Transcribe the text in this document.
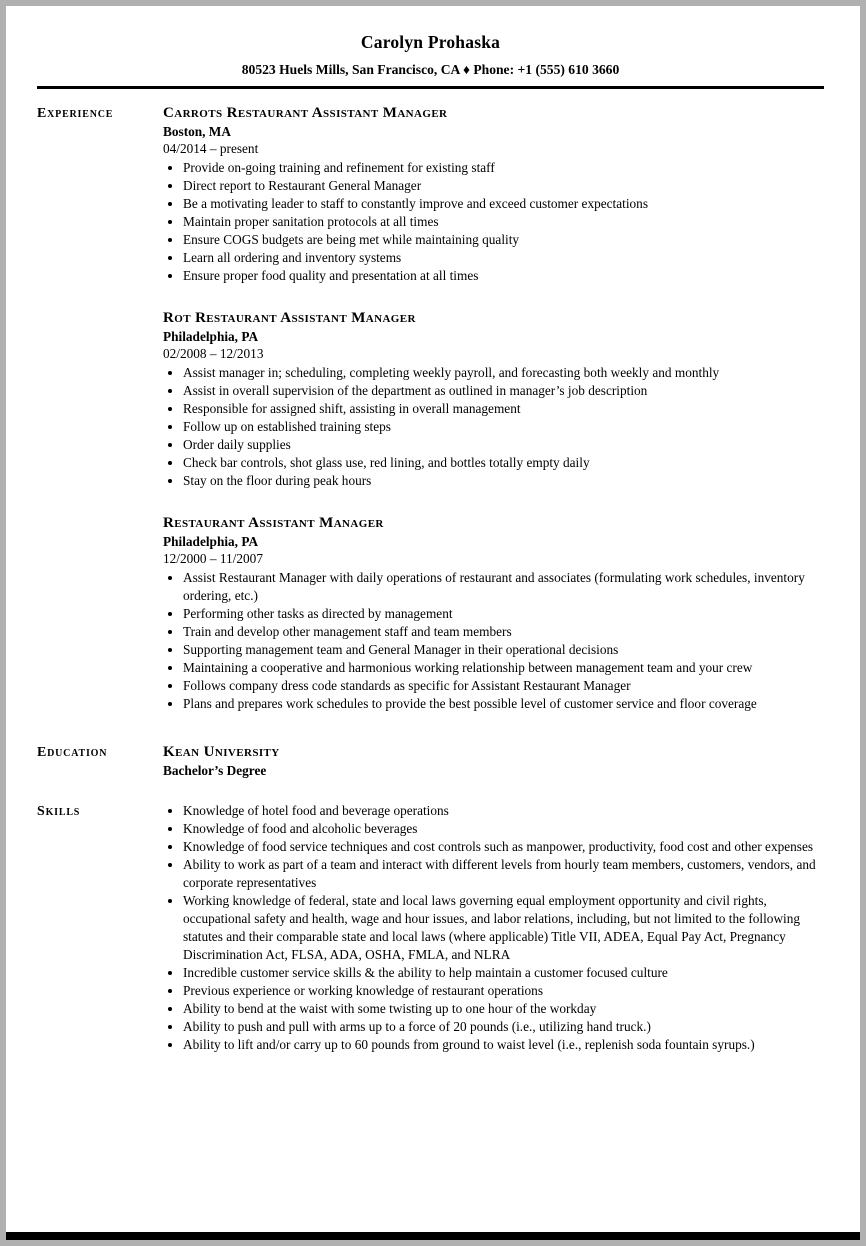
Carolyn Prohaska
80523 Huels Mills, San Francisco, CA ♦ Phone: +1 (555) 610 3660
Experience	Carrots Restaurant Assistant Manager
Boston, MA
04/2014 – present
• Provide on-going training and refinement for existing staff
• Direct report to Restaurant General Manager
• Be a motivating leader to staff to constantly improve and exceed customer expectations
• Maintain proper sanitation protocols at all times
• Ensure COGS budgets are being met while maintaining quality
• Learn all ordering and inventory systems
• Ensure proper food quality and presentation at all times
Rot Restaurant Assistant Manager
Philadelphia, PA
02/2008 – 12/2013
• Assist manager in; scheduling, completing weekly payroll, and forecasting both weekly and monthly
• Assist in overall supervision of the department as outlined in manager’s job description
• Responsible for assigned shift, assisting in overall management
• Follow up on established training steps
• Order daily supplies
• Check bar controls, shot glass use, red lining, and bottles totally empty daily
• Stay on the floor during peak hours
Restaurant Assistant Manager
Philadelphia, PA
12/2000 – 11/2007
• Assist Restaurant Manager with daily operations of restaurant and associates (formulating work schedules, inventory ordering, etc.)
• Performing other tasks as directed by management
• Train and develop other management staff and team members
• Supporting management team and General Manager in their operational decisions
• Maintaining a cooperative and harmonious working relationship between management team and your crew
• Follows company dress code standards as specific for Assistant Restaurant Manager
• Plans and prepares work schedules to provide the best possible level of customer service and floor coverage
Education	Kean University
Bachelor’s Degree
Skills	• Knowledge of hotel food and beverage operations
• Knowledge of food and alcoholic beverages
• Knowledge of food service techniques and cost controls such as manpower, productivity, food cost and other expenses
• Ability to work as part of a team and interact with different levels from hourly team members, customers, vendors, and corporate representatives
• Working knowledge of federal, state and local laws governing equal employment opportunity and civil rights, occupational safety and health, wage and hour issues, and labor relations, including, but not limited to the following statutes and their comparable state and local laws (where applicable) Title VII, ADEA, Equal Pay Act, Pregnancy Discrimination Act, FLSA, ADA, OSHA, FMLA, and NLRA
• Incredible customer service skills & the ability to help maintain a customer focused culture
• Previous experience or working knowledge of restaurant operations
• Ability to bend at the waist with some twisting up to one hour of the workday
• Ability to push and pull with arms up to a force of 20 pounds (i.e., utilizing hand truck.)
• Ability to lift and/or carry up to 60 pounds from ground to waist level (i.e., replenish soda fountain syrups.)
